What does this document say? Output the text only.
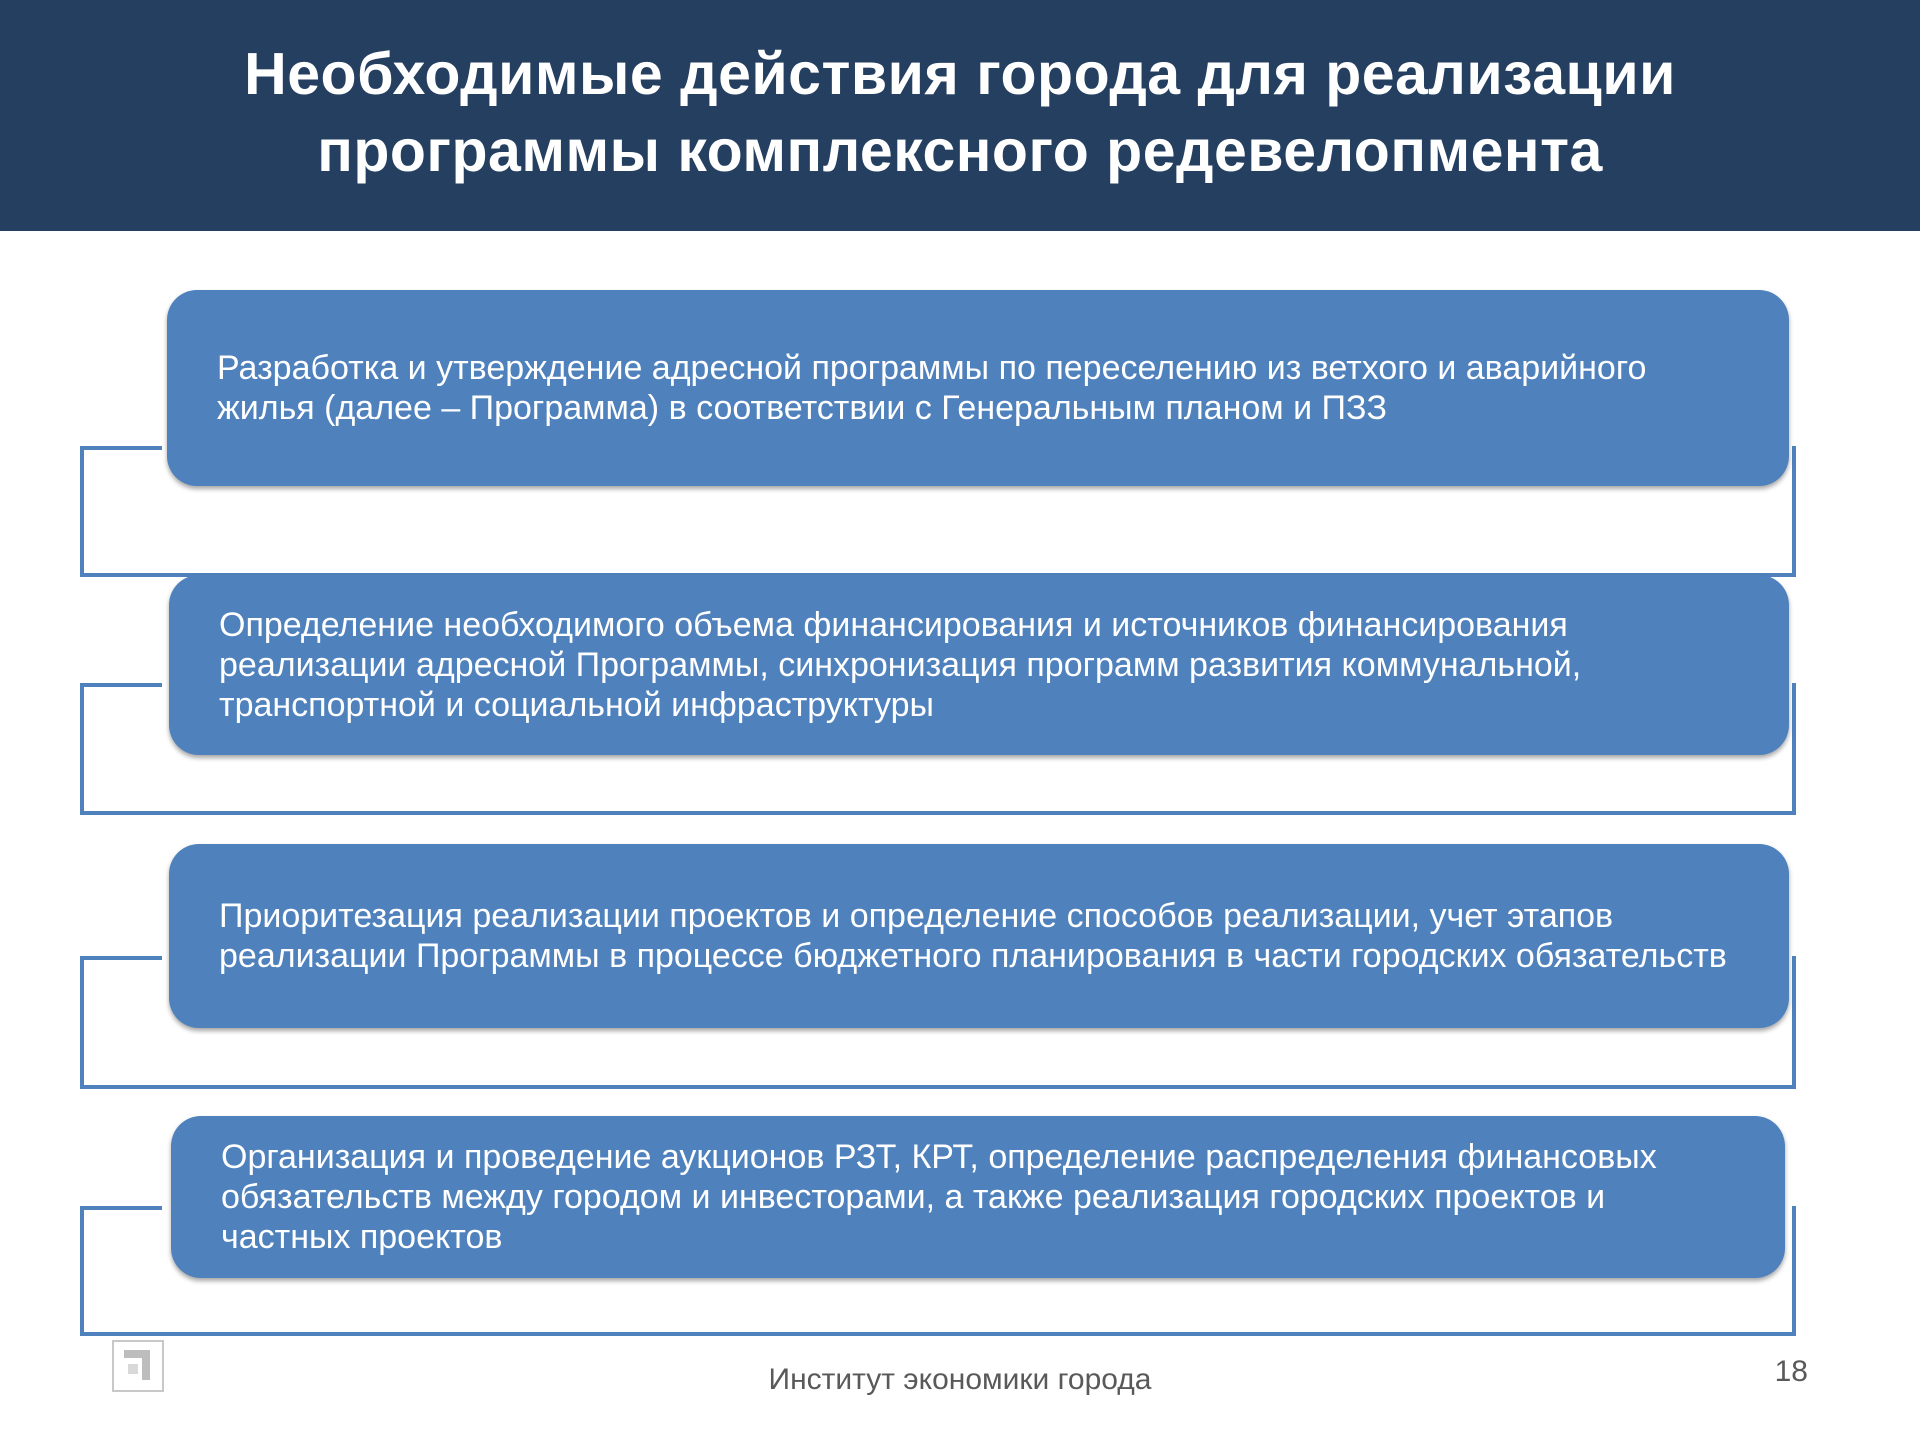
Необходимые действия города для реализации
программы комплексного редевелопмента
Разработка и утверждение адресной программы по переселению из ветхого и аварийного жилья (далее – Программа) в соответствии с Генеральным планом и ПЗЗ
Определение необходимого объема финансирования и источников финансирования реализации адресной Программы, синхронизация программ развития коммунальной, транспортной и социальной инфраструктуры
Приоритезация реализации проектов и определение способов реализации, учет этапов реализации Программы в процессе бюджетного планирования в части городских обязательств
Организация и проведение аукционов РЗТ, КРТ, определение распределения финансовых обязательств между городом и инвесторами, а также реализация городских проектов и частных проектов
Институт экономики города	18
